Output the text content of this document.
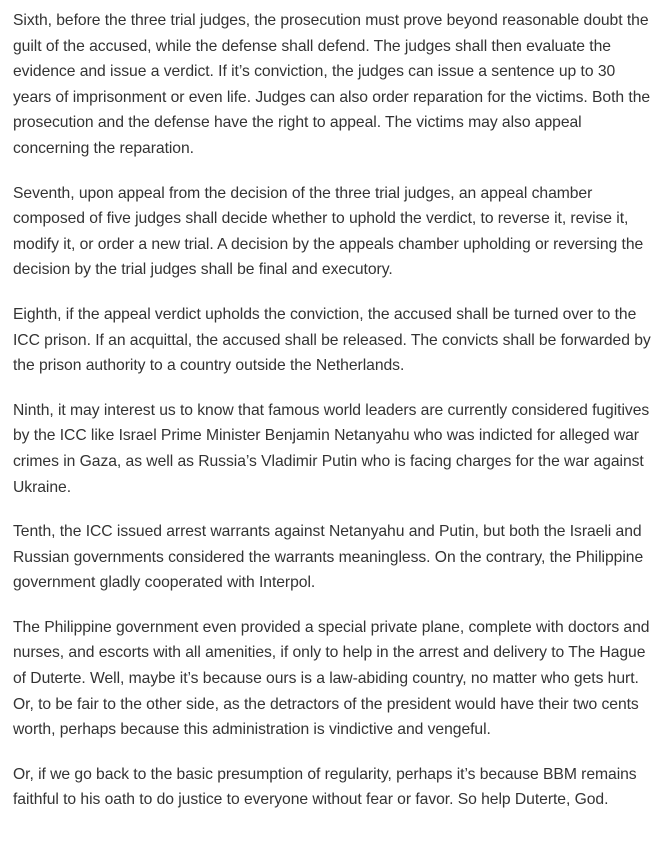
Sixth, before the three trial judges, the prosecution must prove beyond reasonable doubt the guilt of the accused, while the defense shall defend. The judges shall then evaluate the evidence and issue a verdict. If it’s conviction, the judges can issue a sentence up to 30 years of imprisonment or even life. Judges can also order reparation for the victims. Both the prosecution and the defense have the right to appeal. The victims may also appeal concerning the reparation.

Seventh, upon appeal from the decision of the three trial judges, an appeal chamber composed of five judges shall decide whether to uphold the verdict, to reverse it, revise it, modify it, or order a new trial. A decision by the appeals chamber upholding or reversing the decision by the trial judges shall be final and executory.

Eighth, if the appeal verdict upholds the conviction, the accused shall be turned over to the ICC prison. If an acquittal, the accused shall be released. The convicts shall be forwarded by the prison authority to a country outside the Netherlands.

Ninth, it may interest us to know that famous world leaders are currently considered fugitives by the ICC like Israel Prime Minister Benjamin Netanyahu who was indicted for alleged war crimes in Gaza, as well as Russia’s Vladimir Putin who is facing charges for the war against Ukraine.

Tenth, the ICC issued arrest warrants against Netanyahu and Putin, but both the Israeli and Russian governments considered the warrants meaningless. On the contrary, the Philippine government gladly cooperated with Interpol.

The Philippine government even provided a special private plane, complete with doctors and nurses, and escorts with all amenities, if only to help in the arrest and delivery to The Hague of Duterte. Well, maybe it’s because ours is a law-abiding country, no matter who gets hurt. Or, to be fair to the other side, as the detractors of the president would have their two cents worth, perhaps because this administration is vindictive and vengeful.

Or, if we go back to the basic presumption of regularity, perhaps it’s because BBM remains faithful to his oath to do justice to everyone without fear or favor. So help Duterte, God.
